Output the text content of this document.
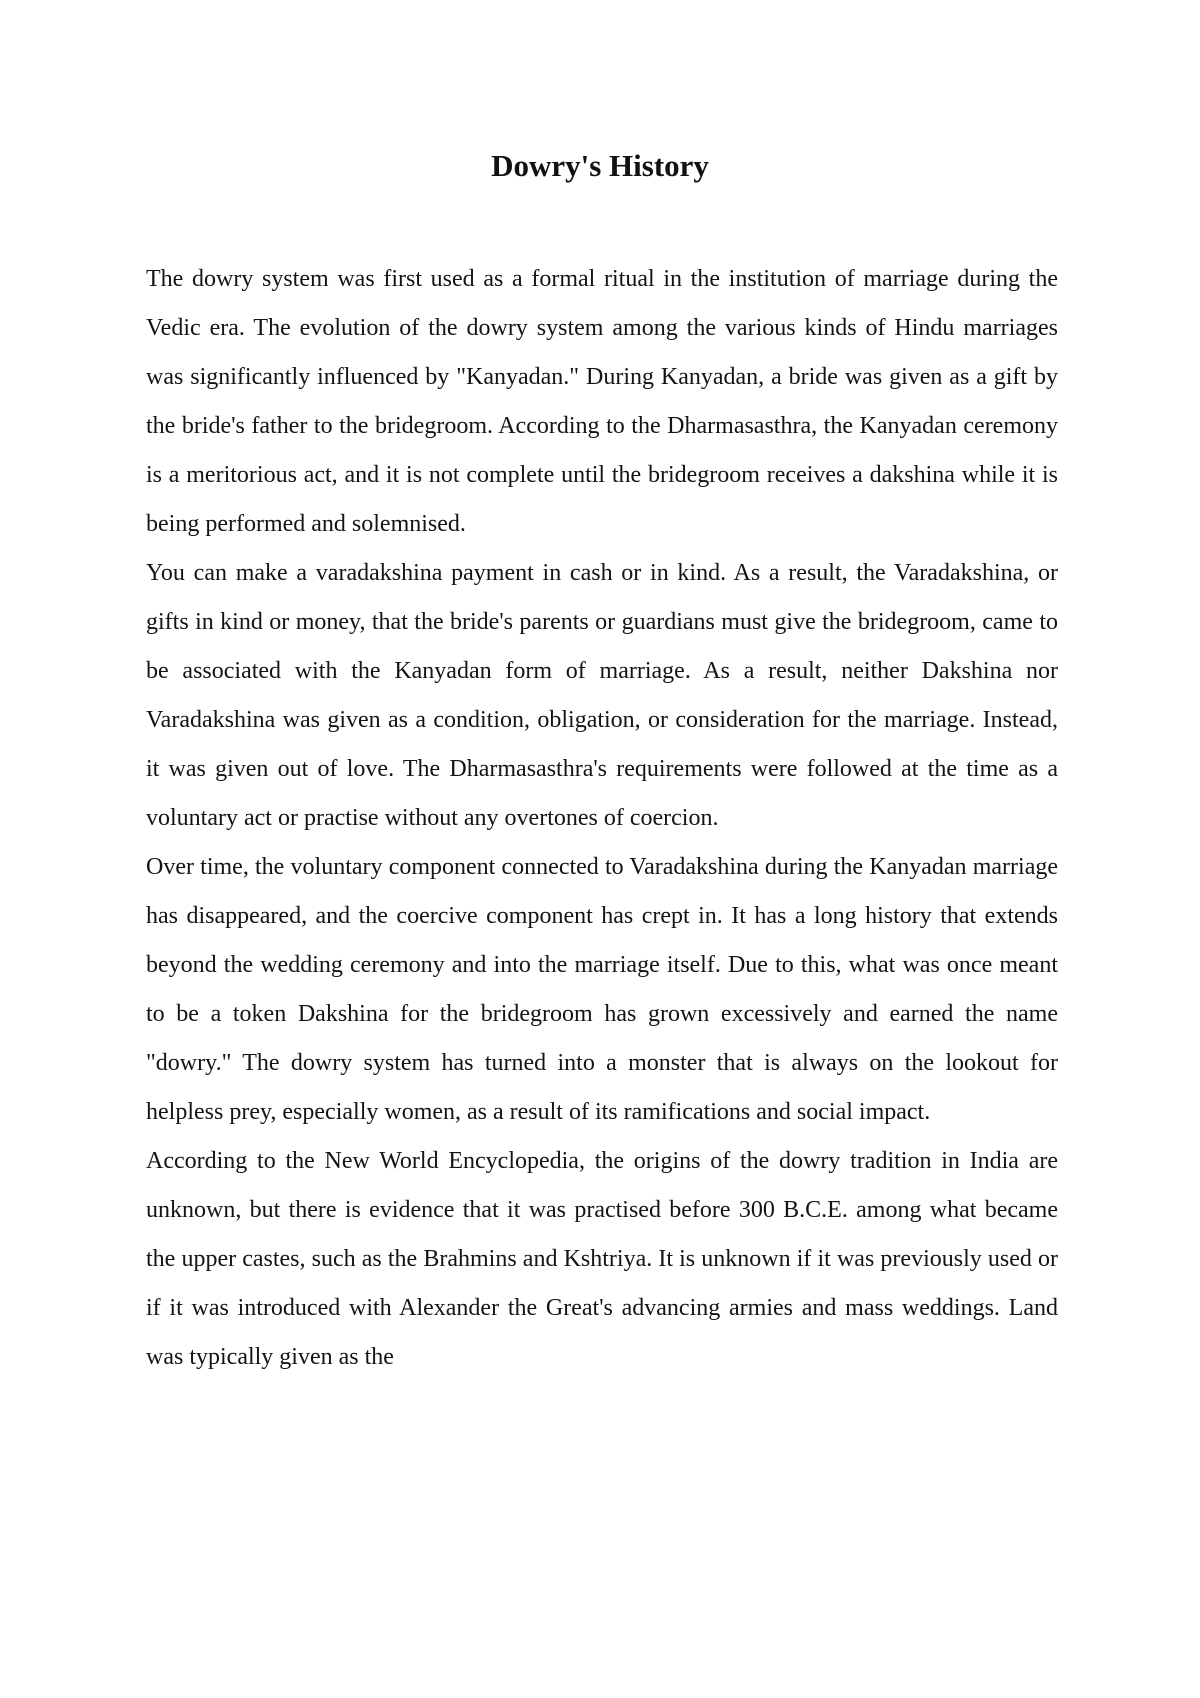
Dowry's History

The dowry system was first used as a formal ritual in the institution of marriage during the Vedic era. The evolution of the dowry system among the various kinds of Hindu marriages was significantly influenced by "Kanyadan." During Kanyadan, a bride was given as a gift by the bride's father to the bridegroom. According to the Dharmasasthra, the Kanyadan ceremony is a meritorious act, and it is not complete until the bridegroom receives a dakshina while it is being performed and solemnised.

You can make a varadakshina payment in cash or in kind. As a result, the Varadakshina, or gifts in kind or money, that the bride's parents or guardians must give the bridegroom, came to be associated with the Kanyadan form of marriage. As a result, neither Dakshina nor Varadakshina was given as a condition, obligation, or consideration for the marriage. Instead, it was given out of love. The Dharmasasthra's requirements were followed at the time as a voluntary act or practise without any overtones of coercion.

Over time, the voluntary component connected to Varadakshina during the Kanyadan marriage has disappeared, and the coercive component has crept in. It has a long history that extends beyond the wedding ceremony and into the marriage itself. Due to this, what was once meant to be a token Dakshina for the bridegroom has grown excessively and earned the name "dowry." The dowry system has turned into a monster that is always on the lookout for helpless prey, especially women, as a result of its ramifications and social impact.

According to the New World Encyclopedia, the origins of the dowry tradition in India are unknown, but there is evidence that it was practised before 300 B.C.E. among what became the upper castes, such as the Brahmins and Kshtriya. It is unknown if it was previously used or if it was introduced with Alexander the Great's advancing armies and mass weddings. Land was typically given as the
